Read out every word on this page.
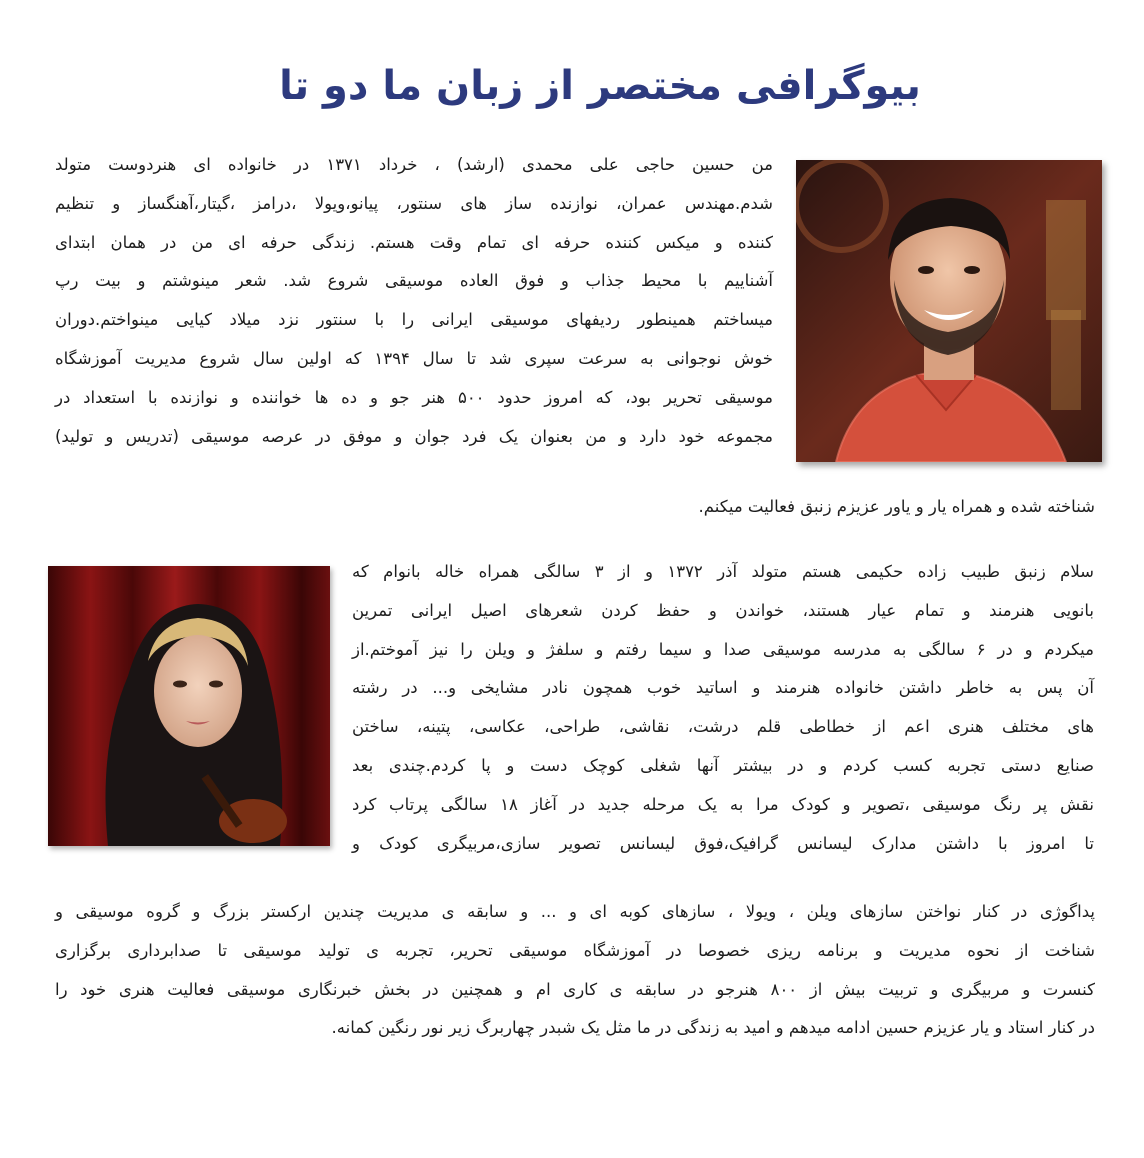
بیوگرافی مختصر از زبان ما دو تا
من حسین حاجی علی محمدی (ارشد) ، خرداد ۱۳۷۱ در خانواده ای هنردوست متولد
شدم.مهندس عمران، نوازنده ساز های سنتور، پیانو،ویولا ،درامز ،گیتار،آهنگساز و تنظیم
کننده و میکس کننده حرفه ای تمام وقت هستم. زندگی حرفه ای من در همان ابتدای
آشناییم با محیط جذاب و فوق العاده موسیقی شروع شد. شعر مینوشتم و بیت رپ
میساختم همینطور ردیفهای موسیقی ایرانی را با سنتور نزد میلاد کیایی مینواختم.دوران
خوش نوجوانی به سرعت سپری شد تا سال ۱۳۹۴ که اولین سال شروع مدیریت آموزشگاه
موسیقی تحریر بود، که امروز حدود ۵۰۰ هنر جو و ده ها خواننده و نوازنده با استعداد در
مجموعه خود دارد و من بعنوان یک فرد جوان و موفق در عرصه موسیقی (تدریس و تولید)
شناخته شده و همراه یار و یاور عزیزم زنبق فعالیت میکنم.
سلام زنبق طبیب زاده حکیمی هستم متولد آذر ۱۳۷۲ و از ۳ سالگی همراه خاله بانوام که
بانویی هنرمند و تمام عیار هستند، خواندن و حفظ کردن شعرهای اصیل ایرانی تمرین
میکردم و در ۶ سالگی به مدرسه موسیقی صدا و سیما رفتم و سلفژ و ویلن را نیز آموختم.از
آن پس به خاطر داشتن خانواده هنرمند و اساتید خوب همچون نادر مشایخی و... در رشته
های مختلف هنری اعم از خطاطی قلم درشت، نقاشی، طراحی، عکاسی، پتینه، ساختن
صنایع دستی تجربه کسب کردم و در بیشتر آنها شغلی کوچک دست و پا کردم.چندی بعد
نقش پر رنگ موسیقی ،تصویر و کودک مرا به یک مرحله جدید در آغاز ۱۸ سالگی پرتاب کرد
تا امروز با داشتن مدارک لیسانس گرافیک،فوق لیسانس تصویر سازی،مربیگری کودک و
پداگوژی در کنار نواختن سازهای ویلن ، ویولا ، سازهای کوبه ای و ... و سابقه ی مدیریت چندین ارکستر بزرگ و گروه موسیقی و
شناخت از نحوه مدیریت و برنامه ریزی خصوصا در آموزشگاه موسیقی تحریر، تجربه ی تولید موسیقی تا صدابرداری برگزاری
کنسرت و مربیگری و تربیت بیش از ۸۰۰ هنرجو در سابقه ی کاری ام و همچنین در بخش خبرنگاری موسیقی فعالیت هنری خود را
در کنار استاد و یار عزیزم حسین ادامه میدهم و امید به زندگی در ما مثل یک شبدر چهاربرگ زیر نور رنگین کمانه.
